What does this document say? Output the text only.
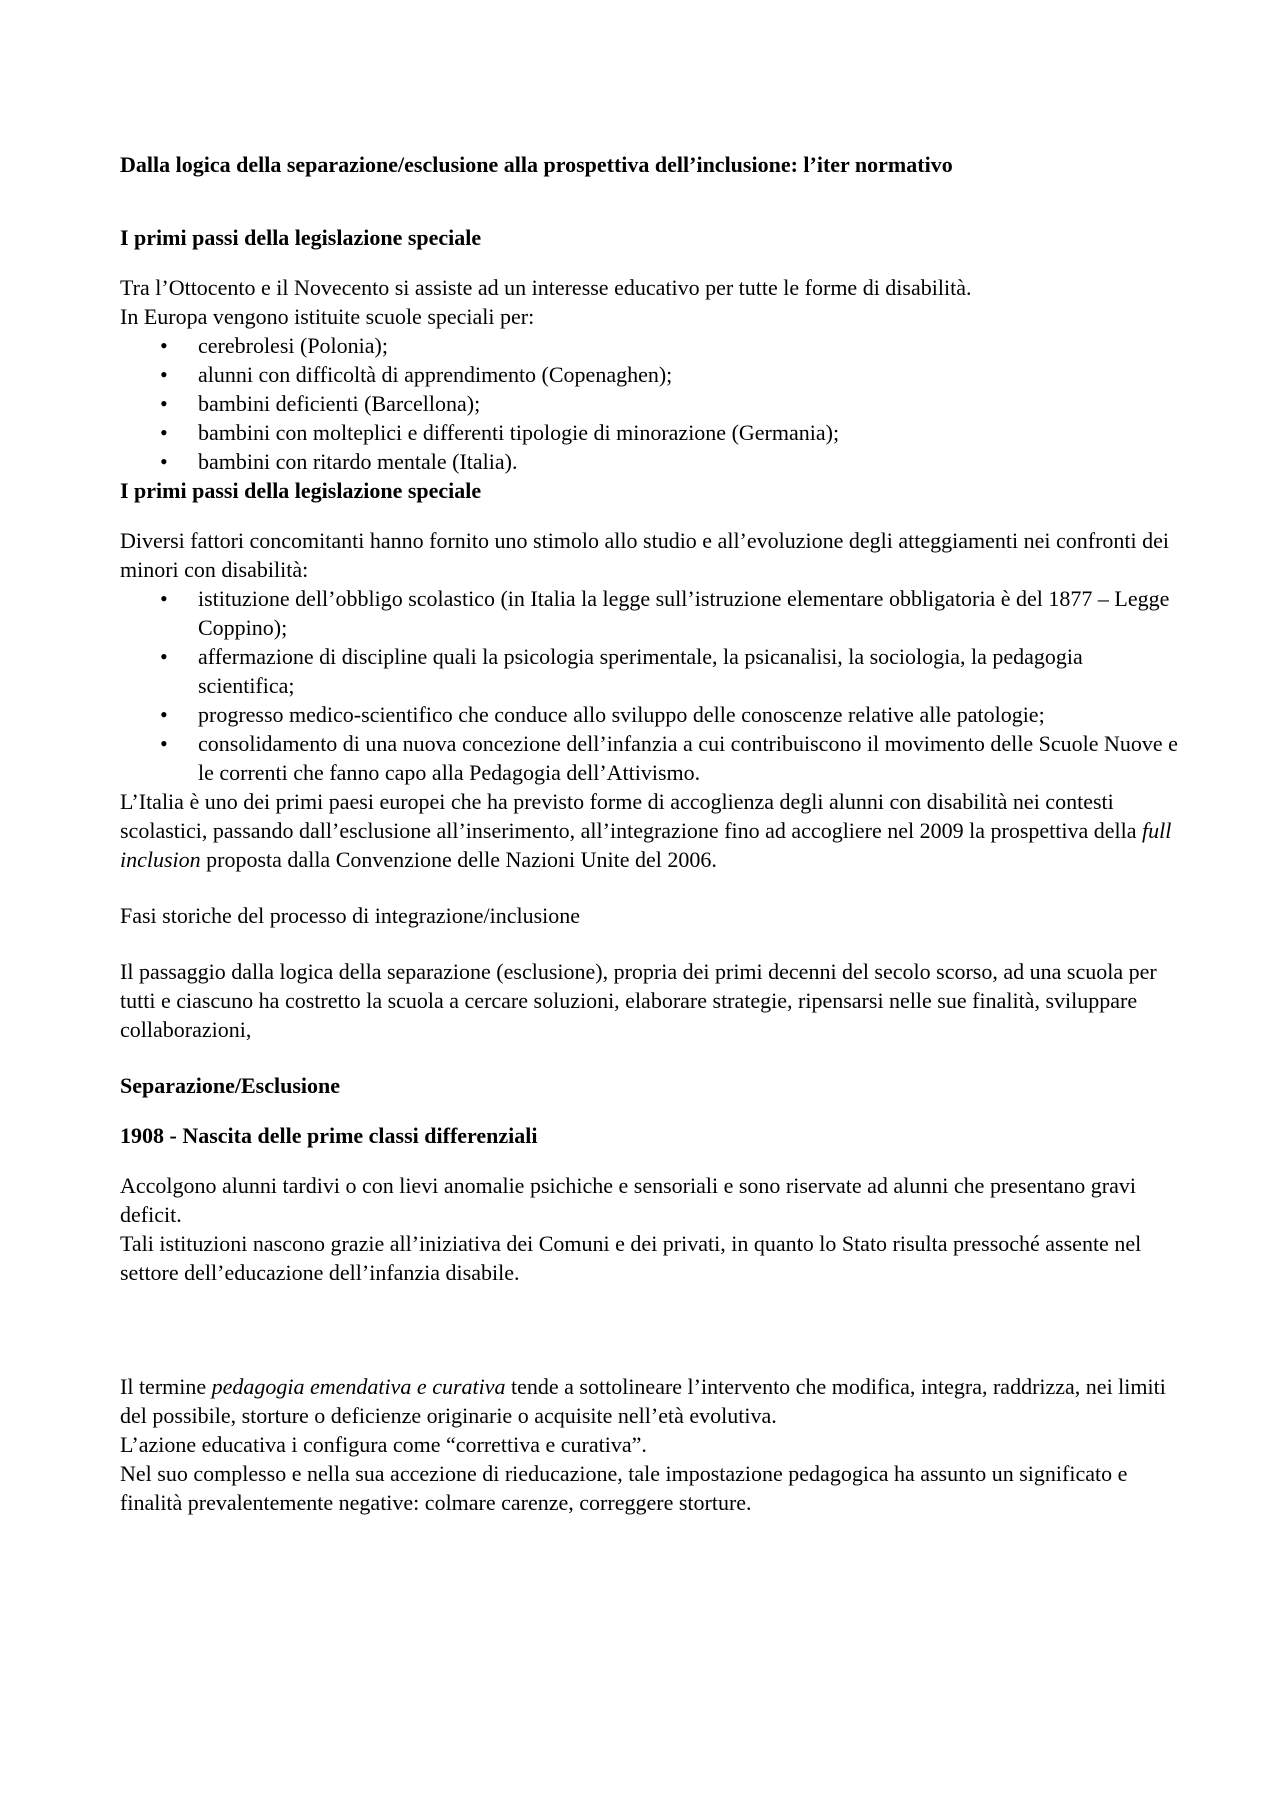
Dalla logica della separazione/esclusione alla prospettiva dell’inclusione: l’iter normativo
I primi passi della legislazione speciale

Tra l’Ottocento e il Novecento si assiste ad un interesse educativo per tutte le forme di disabilità.

In Europa vengono istituite scuole speciali per:

• cerebrolesi (Polonia);
• alunni con difficoltà di apprendimento (Copenaghen);
• bambini deficienti (Barcellona);
• bambini con molteplici e differenti tipologie di minorazione (Germania);
• bambini con ritardo mentale (Italia).
I primi passi della legislazione speciale

Diversi fattori concomitanti hanno fornito uno stimolo allo studio e all’evoluzione degli atteggiamenti nei confronti dei minori con disabilità:

• istituzione dell’obbligo scolastico (in Italia la legge sull’istruzione elementare obbligatoria è del 1877 – Legge Coppino);
• affermazione di discipline quali la psicologia sperimentale, la psicanalisi, la sociologia, la pedagogia scientifica;
• progresso medico-scientifico che conduce allo sviluppo delle conoscenze relative alle patologie;
• consolidamento di una nuova concezione dell’infanzia a cui contribuiscono il movimento delle Scuole Nuove e le correnti che fanno capo alla Pedagogia dell’Attivismo.

L’Italia è uno dei primi paesi europei che ha previsto forme di accoglienza degli alunni con disabilità nei contesti scolastici, passando dall’esclusione all’inserimento, all’integrazione fino ad accogliere nel 2009 la prospettiva della full inclusion proposta dalla Convenzione delle Nazioni Unite del 2006.

Fasi storiche del processo di integrazione/inclusione

Il passaggio dalla logica della separazione (esclusione), propria dei primi decenni del secolo scorso, ad una scuola per tutti e ciascuno ha costretto la scuola a cercare soluzioni, elaborare strategie, ripensarsi nelle sue finalità, sviluppare collaborazioni,

Separazione/Esclusione
1908 - Nascita delle prime classi differenziali

Accolgono alunni tardivi o con lievi anomalie psichiche e sensoriali e sono riservate ad alunni che presentano gravi deficit.

Tali istituzioni nascono grazie all’iniziativa dei Comuni e dei privati, in quanto lo Stato risulta pressoché assente nel settore dell’educazione dell’infanzia disabile.

Il termine pedagogia emendativa e curativa tende a sottolineare l’intervento che modifica, integra, raddrizza, nei limiti del possibile, storture o deficienze originarie o acquisite nell’età evolutiva.

L’azione educativa i configura come “correttiva e curativa”.

Nel suo complesso e nella sua accezione di rieducazione, tale impostazione pedagogica ha assunto un significato e finalità prevalentemente negative: colmare carenze, correggere storture.
